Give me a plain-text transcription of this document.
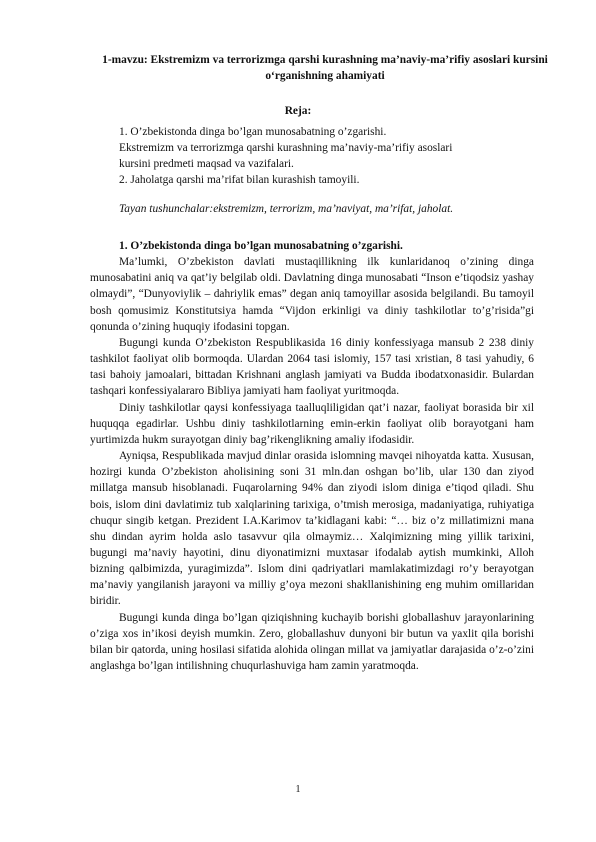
1-mavzu: Ekstremizm va terrorizmga qarshi kurashning ma’naviy-ma’rifiy asoslari kursini o‘rganishning ahamiyati
Reja:
1. O’zbekistonda dinga bo’lgan munosabatning o’zgarishi.
Ekstremizm va terrorizmga qarshi kurashning ma’naviy-ma’rifiy asoslari
kursini predmeti maqsad va vazifalari.
2. Jaholatga qarshi ma’rifat bilan kurashish tamoyili.
Tayan tushunchalar:ekstremizm, terrorizm, ma’naviyat, ma’rifat, jaholat.

1. O’zbekistonda dinga bo’lgan munosabatning o’zgarishi.

Ma’lumki, O’zbekiston davlati mustaqillikning ilk kunlaridanoq o’zining dinga munosabatini aniq va qat’iy belgilab oldi. Davlatning dinga munosabati “Inson e’tiqodsiz yashay olmaydi”, “Dunyoviylik – dahriylik emas” degan aniq tamoyillar asosida belgilandi. Bu tamoyil bosh qomusimiz Konstitutsiya hamda “Vijdon erkinligi va diniy tashkilotlar to’g’risida”gi qonunda o’zining huquqiy ifodasini topgan.

Bugungi kunda O’zbekiston Respublikasida 16 diniy konfessiyaga mansub 2 238 diniy tashkilot faoliyat olib bormoqda. Ulardan 2064 tasi islomiy, 157 tasi xristian, 8 tasi yahudiy, 6 tasi bahoiy jamoalari, bittadan Krishnani anglash jamiyati va Budda ibodatxonasidir. Bulardan tashqari konfessiyalararo Bibliya jamiyati ham faoliyat yuritmoqda.

Diniy tashkilotlar qaysi konfessiyaga taalluqliligidan qat’i nazar, faoliyat borasida bir xil huquqqa egadirlar. Ushbu diniy tashkilotlarning emin-erkin faoliyat olib borayotgani ham yurtimizda hukm surayotgan diniy bag’rikenglikning amaliy ifodasidir.

Ayniqsa, Respublikada mavjud dinlar orasida islomning mavqei nihoyatda katta. Xususan, hozirgi kunda O’zbekiston aholisining soni 31 mln.dan oshgan bo’lib, ular 130 dan ziyod millatga mansub hisoblanadi. Fuqarolarning 94% dan ziyodi islom diniga e’tiqod qiladi. Shu bois, islom dini davlatimiz tub xalqlarining tarixiga, o’tmish merosiga, madaniyatiga, ruhiyatiga chuqur singib ketgan. Prezident I.A.Karimov ta’kidlagani kabi: “… biz o’z millatimizni mana shu dindan ayrim holda aslo tasavvur qila olmaymiz… Xalqimizning ming yillik tarixini, bugungi ma’naviy hayotini, dinu diyonatimizni muxtasar ifodalab aytish mumkinki, Alloh bizning qalbimizda, yuragimizda”. Islom dini qadriyatlari mamlakatimizdagi ro’y berayotgan ma’naviy yangilanish jarayoni va milliy g’oya mezoni shakllanishining eng muhim omillaridan biridir.

Bugungi kunda dinga bo’lgan qiziqishning kuchayib borishi globallashuv jarayonlarining o’ziga xos in’ikosi deyish mumkin. Zero, globallashuv dunyoni bir butun va yaxlit qila borishi bilan bir qatorda, uning hosilasi sifatida alohida olingan millat va jamiyatlar darajasida o’z-o’zini anglashga bo’lgan intilishning chuqurlashuviga ham zamin yaratmoqda.

1
